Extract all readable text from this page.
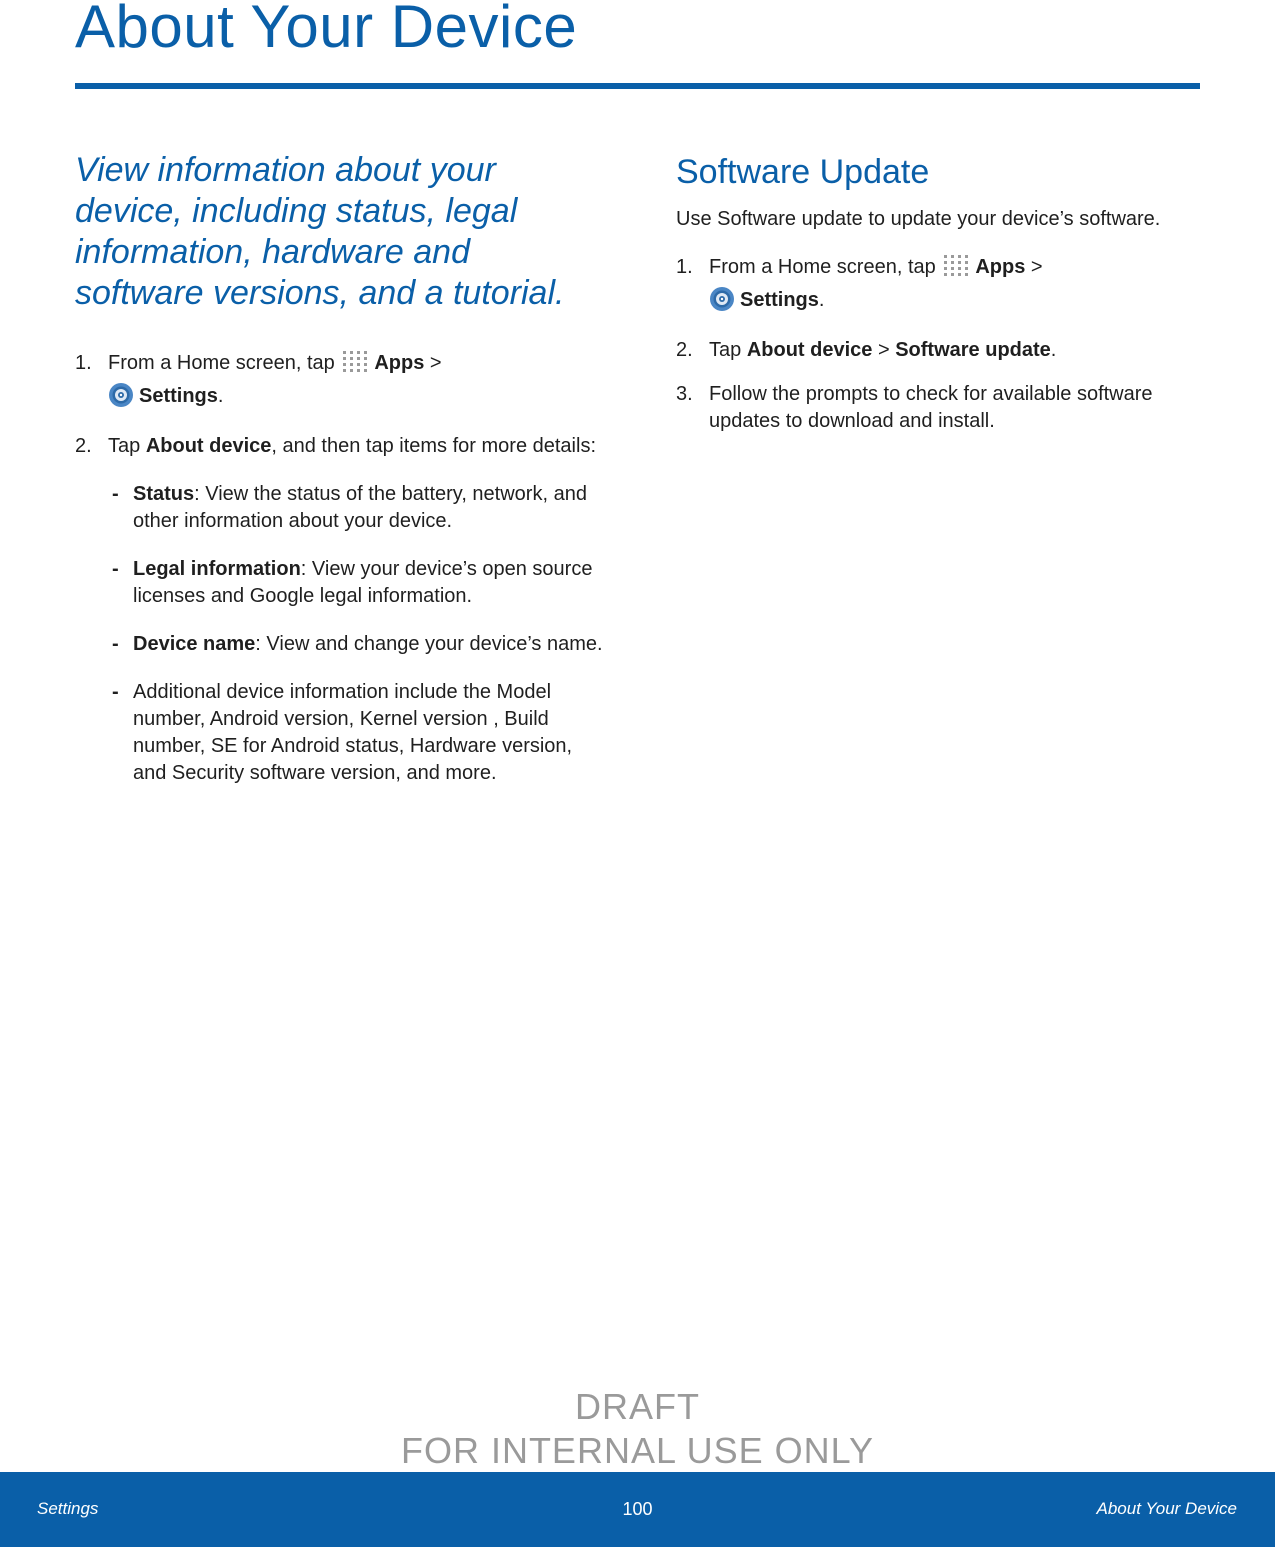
About Your Device

View information about your device, including status, legal information, hardware and software versions, and a tutorial.

1. From a Home screen, tap Apps >
Settings.
2. Tap About device, and then tap items for more details:
- Status: View the status of the battery, network, and other information about your device.
- Legal information: View your device’s open source licenses and Google legal information.
- Device name: View and change your device’s name.
- Additional device information include the Model number, Android version, Kernel version , Build number, SE for Android status, Hardware version, and Security software version, and more.
Software Update

Use Software update to update your device’s software.

1. From a Home screen, tap Apps >
Settings.
2. Tap About device > Software update.
3. Follow the prompts to check for available software updates to download and install.
DRAFT
FOR INTERNAL USE ONLY
Settings	100	About Your Device
